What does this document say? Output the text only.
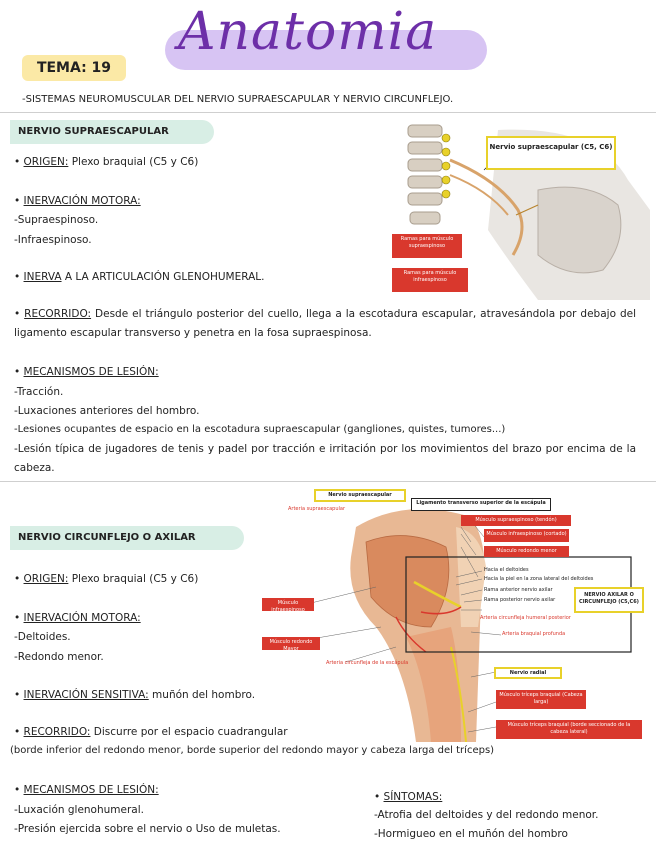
Anatomia
TEMA: 19
-SISTEMAS NEUROMUSCULAR DEL NERVIO SUPRAESCAPULAR Y NERVIO CIRCUNFLEJO.
NERVIO SUPRAESCAPULAR
• ORIGEN: Plexo braquial (C5 y C6)
• INERVACIÓN MOTORA:
-Supraespinoso.
-Infraespinoso.
• INERVA A LA ARTICULACIÓN GLENOHUMERAL.
• RECORRIDO: Desde el triángulo posterior del cuello, llega a la escotadura escapular, atravesándola por debajo del ligamento escapular transverso y penetra en la fosa supraespinosa.
• MECANISMOS DE LESIÓN:
-Tracción.
-Luxaciones anteriores del hombro.
-Lesiones ocupantes de espacio en la escotadura supraescapular (gangliones, quistes, tumores...)
-Lesión típica de jugadores de tenis y padel por tracción e irritación por los movimientos del brazo por encima de la cabeza.
Nervio supraescapular (C5, C6)
Ramas para músculo supraespinoso
Ramas para músculo infraespinoso
NERVIO CIRCUNFLEJO O AXILAR
• ORIGEN: Plexo braquial (C5 y C6)
• INERVACIÓN MOTORA:
-Deltoides.
-Redondo menor.
• INERVACIÓN SENSITIVA: muñón del hombro.
• RECORRIDO: Discurre por el espacio cuadrangular
(borde inferior del redondo menor, borde superior del redondo mayor y cabeza larga del tríceps)
• MECANISMOS DE LESIÓN:
-Luxación glenohumeral.
-Presión ejercida sobre el nervio o Uso de muletas.
• SÍNTOMAS:
-Atrofia del deltoides y del redondo menor.
-Hormigueo en el muñón del hombro
Nervio supraescapular
Ligamento transverso superior de la escápula
Arteria supraescapular
Músculo supraespinoso (tendón)
Músculo infraespinoso (cortado)
Músculo redondo menor
Músculo infraespinoso
Músculo redondo Mayor
Hacia el deltoides
Hacia la piel en la zona lateral del deltoides
Rama anterior nervio axilar
Rama posterior nervio axilar
Arteria circunfleja humeral posterior
NERVIO AXILAR O CIRCUNFLEJO (C5,C6)
Arteria braquial profunda
Arteria circunfleja de la escápula
Nervio radial
Músculo tríceps braquial (Cabeza larga)
Músculo tríceps braquial (borde seccionado de la cabeza lateral)
